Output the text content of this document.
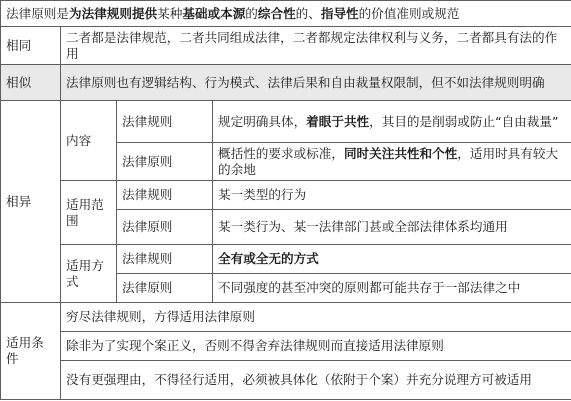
法律原则是为法律规则提供某种基础或本源的综合性的、指导性的价值准则或规范			
相同	二者都是法律规范，二者共同组成法律，二者都规定法律权利与义务，二者都具有法的作用		
相似	法律原则也有逻辑结构、行为模式、法律后果和自由裁量权限制，但不如法律规则明确		
相异	内容	法律规则	规定明确具体，着眼于共性，其目的是削弱或防止“自由裁量”
		法律原则	概括性的要求或标准，同时关注共性和个性，适用时具有较大的余地
	适用范围	法律规则	某一类型的行为
		法律原则	某一类行为、某一法律部门甚或全部法律体系均通用
	适用方式	法律规则	全有或全无的方式
		法律原则	不同强度的甚至冲突的原则都可能共存于一部法律之中
适用条件	穷尽法律规则，方得适用法律原则		
	除非为了实现个案正义，否则不得舍弃法律规则而直接适用法律原则		
	没有更强理由，不得径行适用，必须被具体化（依附于个案）并充分说理方可被适用		
